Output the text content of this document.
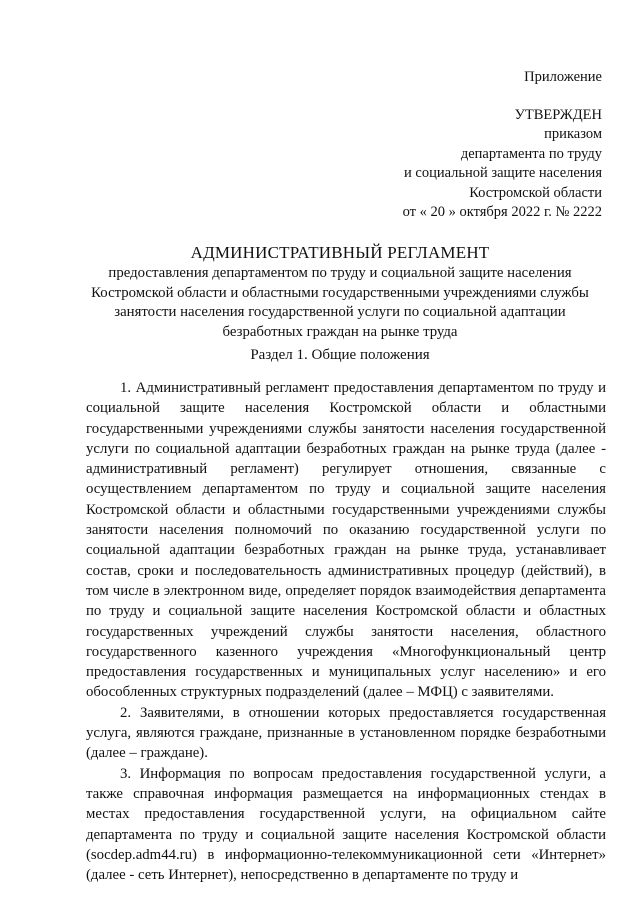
Приложение
УТВЕРЖДЕН
приказом
департамента по труду
и социальной защите населения
Костромской области
от « 20 » октября 2022 г. № 2222
АДМИНИСТРАТИВНЫЙ РЕГЛАМЕНТ

предоставления департаментом по труду и социальной защите населения

Костромской области и областными государственными учреждениями службы

занятости населения государственной услуги по социальной адаптации

безработных граждан на рынке труда

Раздел 1. Общие положения

1. Административный регламент предоставления департаментом по труду и социальной защите населения Костромской области и областными государственными учреждениями службы занятости населения государственной услуги по социальной адаптации безработных граждан на рынке труда (далее - административный регламент) регулирует отношения, связанные с осуществлением департаментом по труду и социальной защите населения Костромской области и областными государственными учреждениями службы занятости населения полномочий по оказанию государственной услуги по социальной адаптации безработных граждан на рынке труда, устанавливает состав, сроки и последовательность административных процедур (действий), в том числе в электронном виде, определяет порядок взаимодействия департамента по труду и социальной защите населения Костромской области и областных государственных учреждений службы занятости населения, областного государственного казенного учреждения «Многофункциональный центр предоставления государственных и муниципальных услуг населению» и его обособленных структурных подразделений (далее – МФЦ) с заявителями.

2. Заявителями, в отношении которых предоставляется государственная услуга, являются граждане, признанные в установленном порядке безработными (далее – граждане).

3. Информация по вопросам предоставления государственной услуги, а также справочная информация размещается на информационных стендах в местах предоставления государственной услуги, на официальном сайте департамента по труду и социальной защите населения Костромской области (socdep.adm44.ru) в информационно-телекоммуникационной сети «Интернет» (далее - сеть Интернет), непосредственно в департаменте по труду и
